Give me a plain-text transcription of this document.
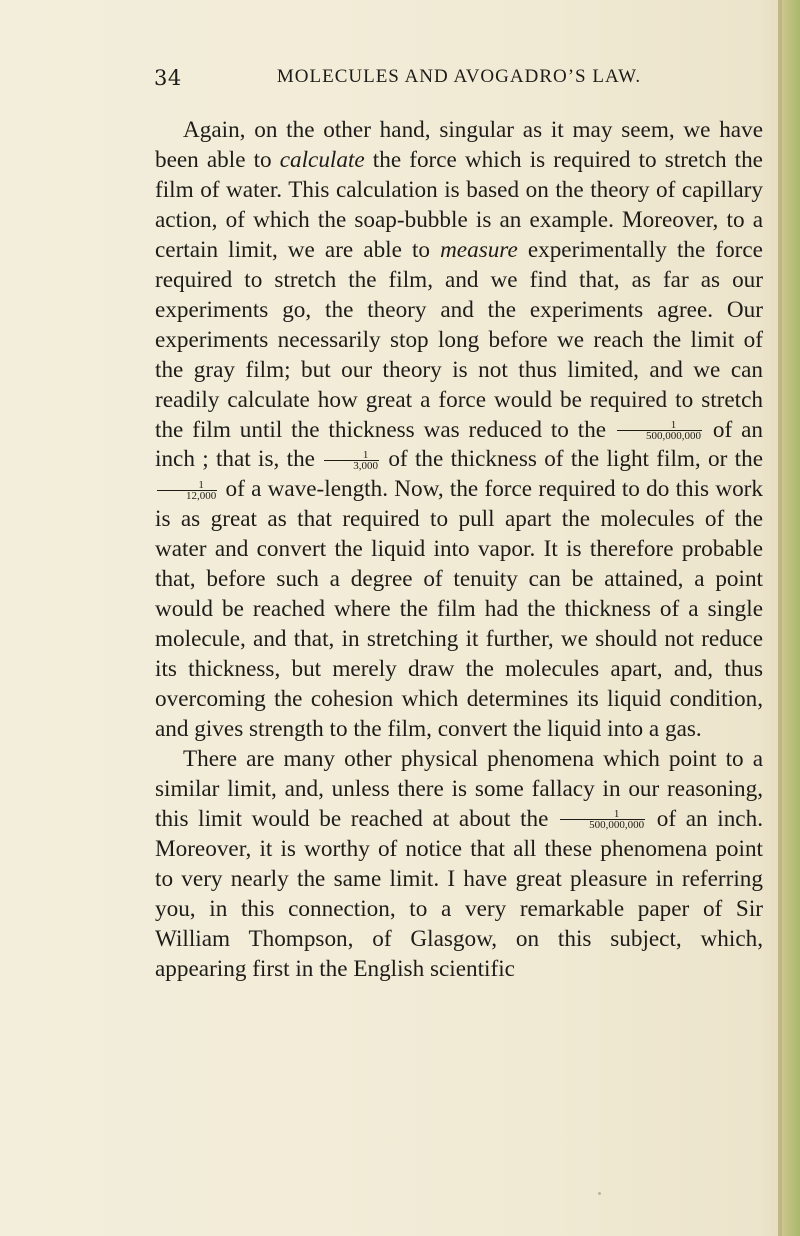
34	MOLECULES AND AVOGADRO’S LAW.

Again, on the other hand, singular as it may seem, we have been able to calculate the force which is required to stretch the film of water. This calculation is based on the theory of capillary action, of which the soap-bubble is an example. Moreover, to a certain limit, we are able to measure experimentally the force required to stretch the film, and we find that, as far as our experiments go, the theory and the experiments agree. Our experiments necessarily stop long before we reach the limit of the gray film; but our theory is not thus limited, and we can readily calculate how great a force would be required to stretch the film until the thickness was reduced to the $\frac{1}{500,000,000}$ of an inch ; that is, the $\frac{1}{3,000}$ of the thickness of the light film, or the
$\frac{1}{12,000}$ of a wave-length. Now, the force required to do this work is as great as that required to pull apart the molecules of the water and convert the liquid into vapor. It is therefore probable that, before such a degree of tenuity can be attained, a point would be reached where the film had the thickness of a single molecule, and that, in stretching it further, we should not reduce its thickness, but merely draw the molecules apart, and, thus overcoming the cohesion which determines its liquid condition, and gives strength to the film, convert the liquid into a gas.

There are many other physical phenomena which point to a similar limit, and, unless there is some fallacy in our reasoning, this limit would be reached at about the $\frac{1}{500,000,000}$ of an inch. Moreover, it is worthy of notice that all these phenomena point to very nearly the same limit. I have great pleasure in referring you, in this connection, to a very remarkable paper of Sir William Thompson, of Glasgow, on this subject, which, appearing first in the English scientific
